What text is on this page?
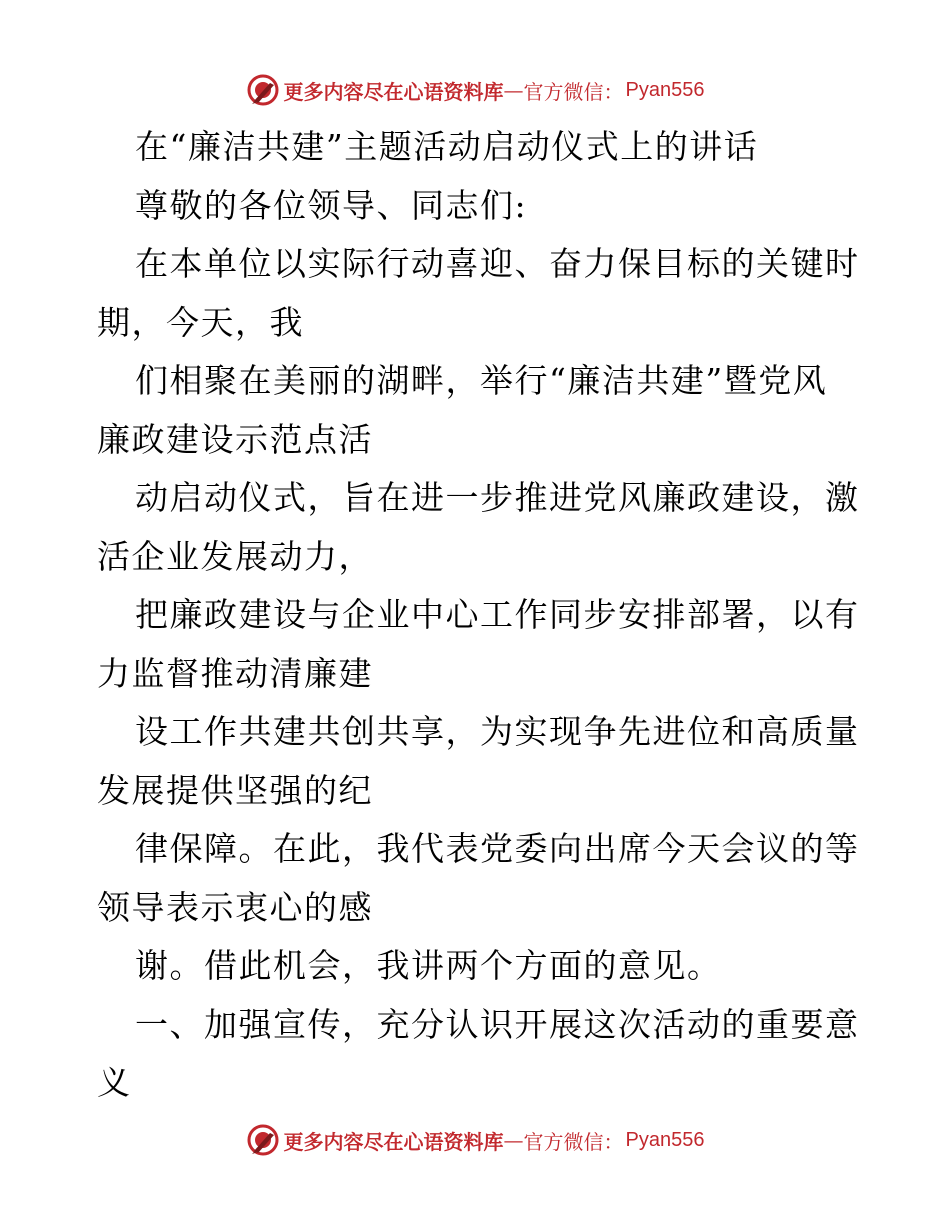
更多内容尽在心语资料库 — 官方微信： Pyan556

在“廉洁共建”主题活动启动仪式上的讲话

尊敬的各位领导、同志们:

在本单位以实际行动喜迎、奋力保目标的关键时
期，今天，我

们相聚在美丽的湖畔，举行“廉洁共建”暨党风
廉政建设示范点活

动启动仪式，旨在进一步推进党风廉政建设，激
活企业发展动力，

把廉政建设与企业中心工作同步安排部署，以有
力监督推动清廉建

设工作共建共创共享，为实现争先进位和高质量
发展提供坚强的纪

律保障。在此，我代表党委向出席今天会议的等
领导表示衷心的感

谢。借此机会，我讲两个方面的意见。

一、加强宣传，充分认识开展这次活动的重要意
义

更多内容尽在心语资料库 — 官方微信： Pyan556
